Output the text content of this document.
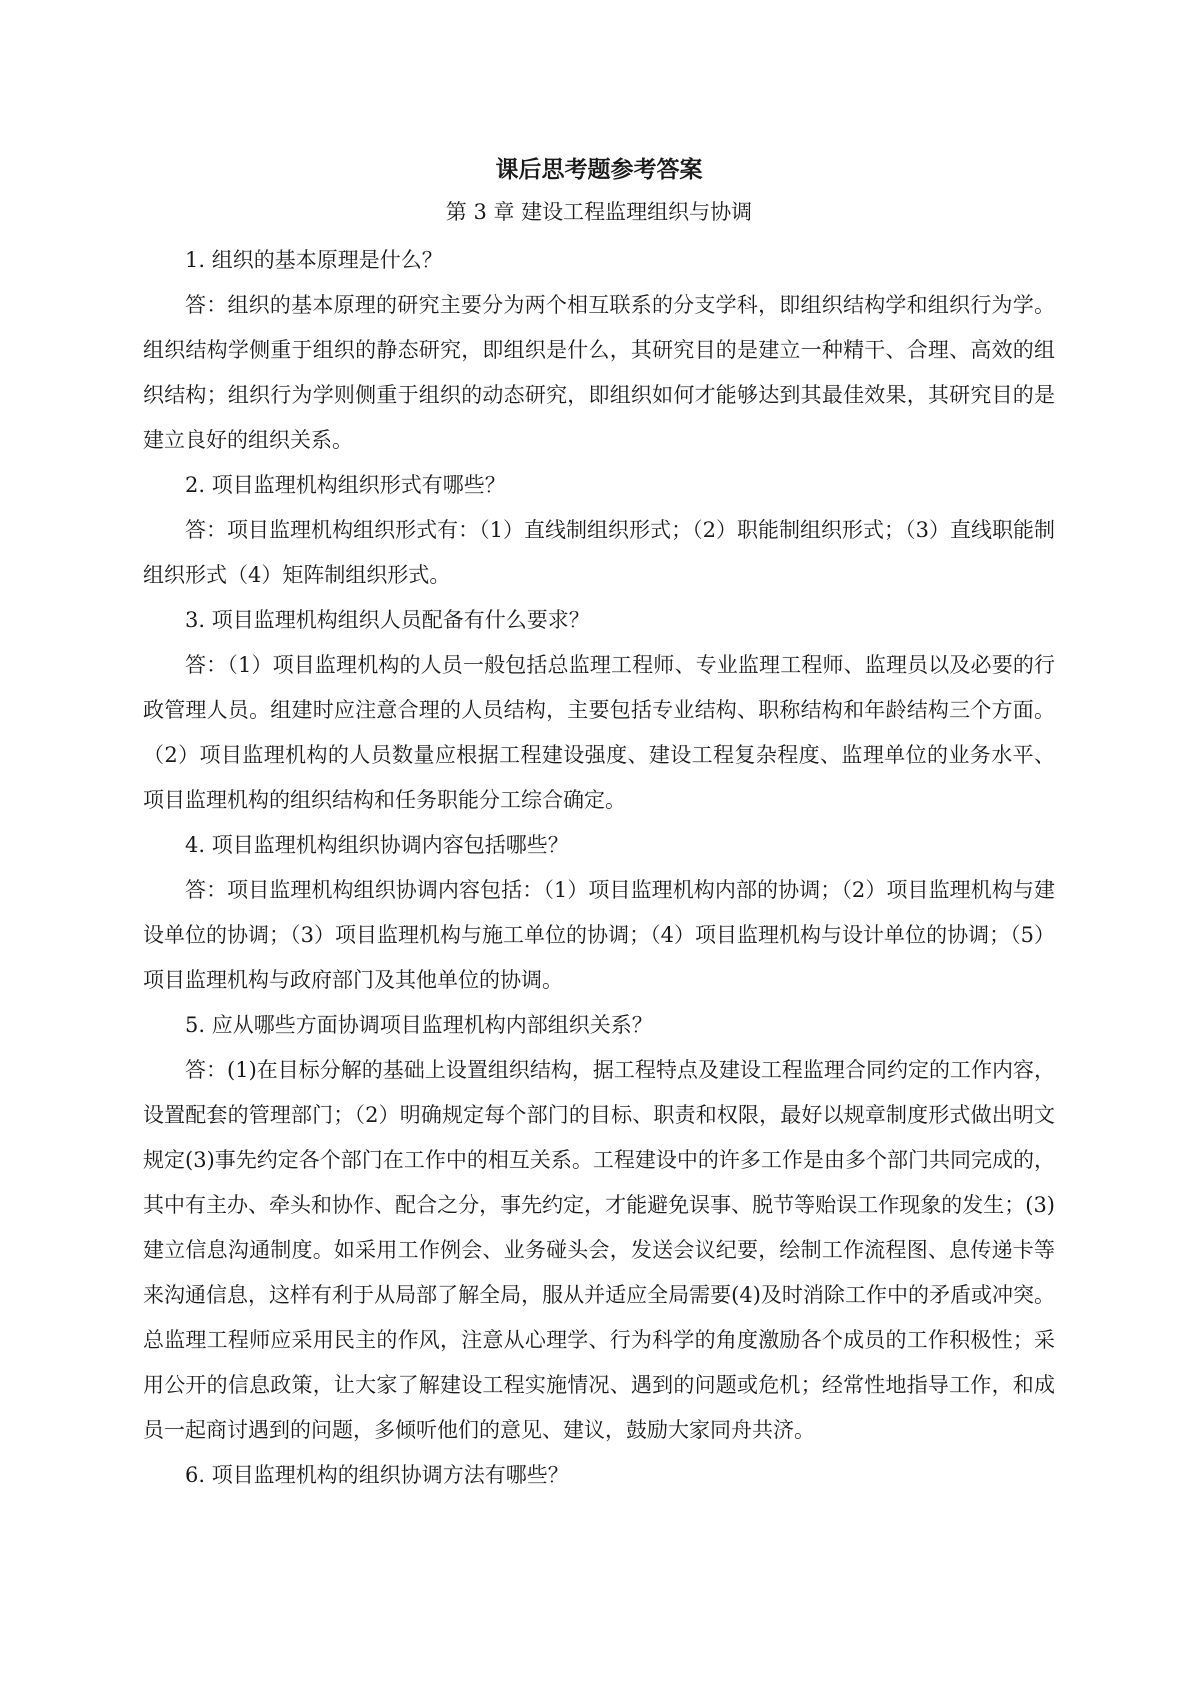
课后思考题参考答案
第 3 章 建设工程监理组织与协调

1. 组织的基本原理是什么？

答：组织的基本原理的研究主要分为两个相互联系的分支学科，即组织结构学和组织行为学。组织结构学侧重于组织的静态研究，即组织是什么，其研究目的是建立一种精干、合理、高效的组织结构；组织行为学则侧重于组织的动态研究，即组织如何才能够达到其最佳效果，其研究目的是建立良好的组织关系。

2. 项目监理机构组织形式有哪些？

答：项目监理机构组织形式有：（1）直线制组织形式；（2）职能制组织形式；（3）直线职能制组织形式（4）矩阵制组织形式。

3. 项目监理机构组织人员配备有什么要求？

答：（1）项目监理机构的人员一般包括总监理工程师、专业监理工程师、监理员以及必要的行政管理人员。组建时应注意合理的人员结构，主要包括专业结构、职称结构和年龄结构三个方面。（2）项目监理机构的人员数量应根据工程建设强度、建设工程复杂程度、监理单位的业务水平、项目监理机构的组织结构和任务职能分工综合确定。

4. 项目监理机构组织协调内容包括哪些？

答：项目监理机构组织协调内容包括：（1）项目监理机构内部的协调；（2）项目监理机构与建设单位的协调；（3）项目监理机构与施工单位的协调；（4）项目监理机构与设计单位的协调；（5）项目监理机构与政府部门及其他单位的协调。

5. 应从哪些方面协调项目监理机构内部组织关系？

答：(1)在目标分解的基础上设置组织结构，据工程特点及建设工程监理合同约定的工作内容，设置配套的管理部门；（2）明确规定每个部门的目标、职责和权限，最好以规章制度形式做出明文规定(3)事先约定各个部门在工作中的相互关系。工程建设中的许多工作是由多个部门共同完成的，其中有主办、牵头和协作、配合之分，事先约定，才能避免误事、脱节等贻误工作现象的发生；(3)建立信息沟通制度。如采用工作例会、业务碰头会，发送会议纪要，绘制工作流程图、息传递卡等来沟通信息，这样有利于从局部了解全局，服从并适应全局需要(4)及时消除工作中的矛盾或冲突。总监理工程师应采用民主的作风，注意从心理学、行为科学的角度激励各个成员的工作积极性；采用公开的信息政策，让大家了解建设工程实施情况、遇到的问题或危机；经常性地指导工作，和成员一起商讨遇到的问题，多倾听他们的意见、建议，鼓励大家同舟共济。

6. 项目监理机构的组织协调方法有哪些？
